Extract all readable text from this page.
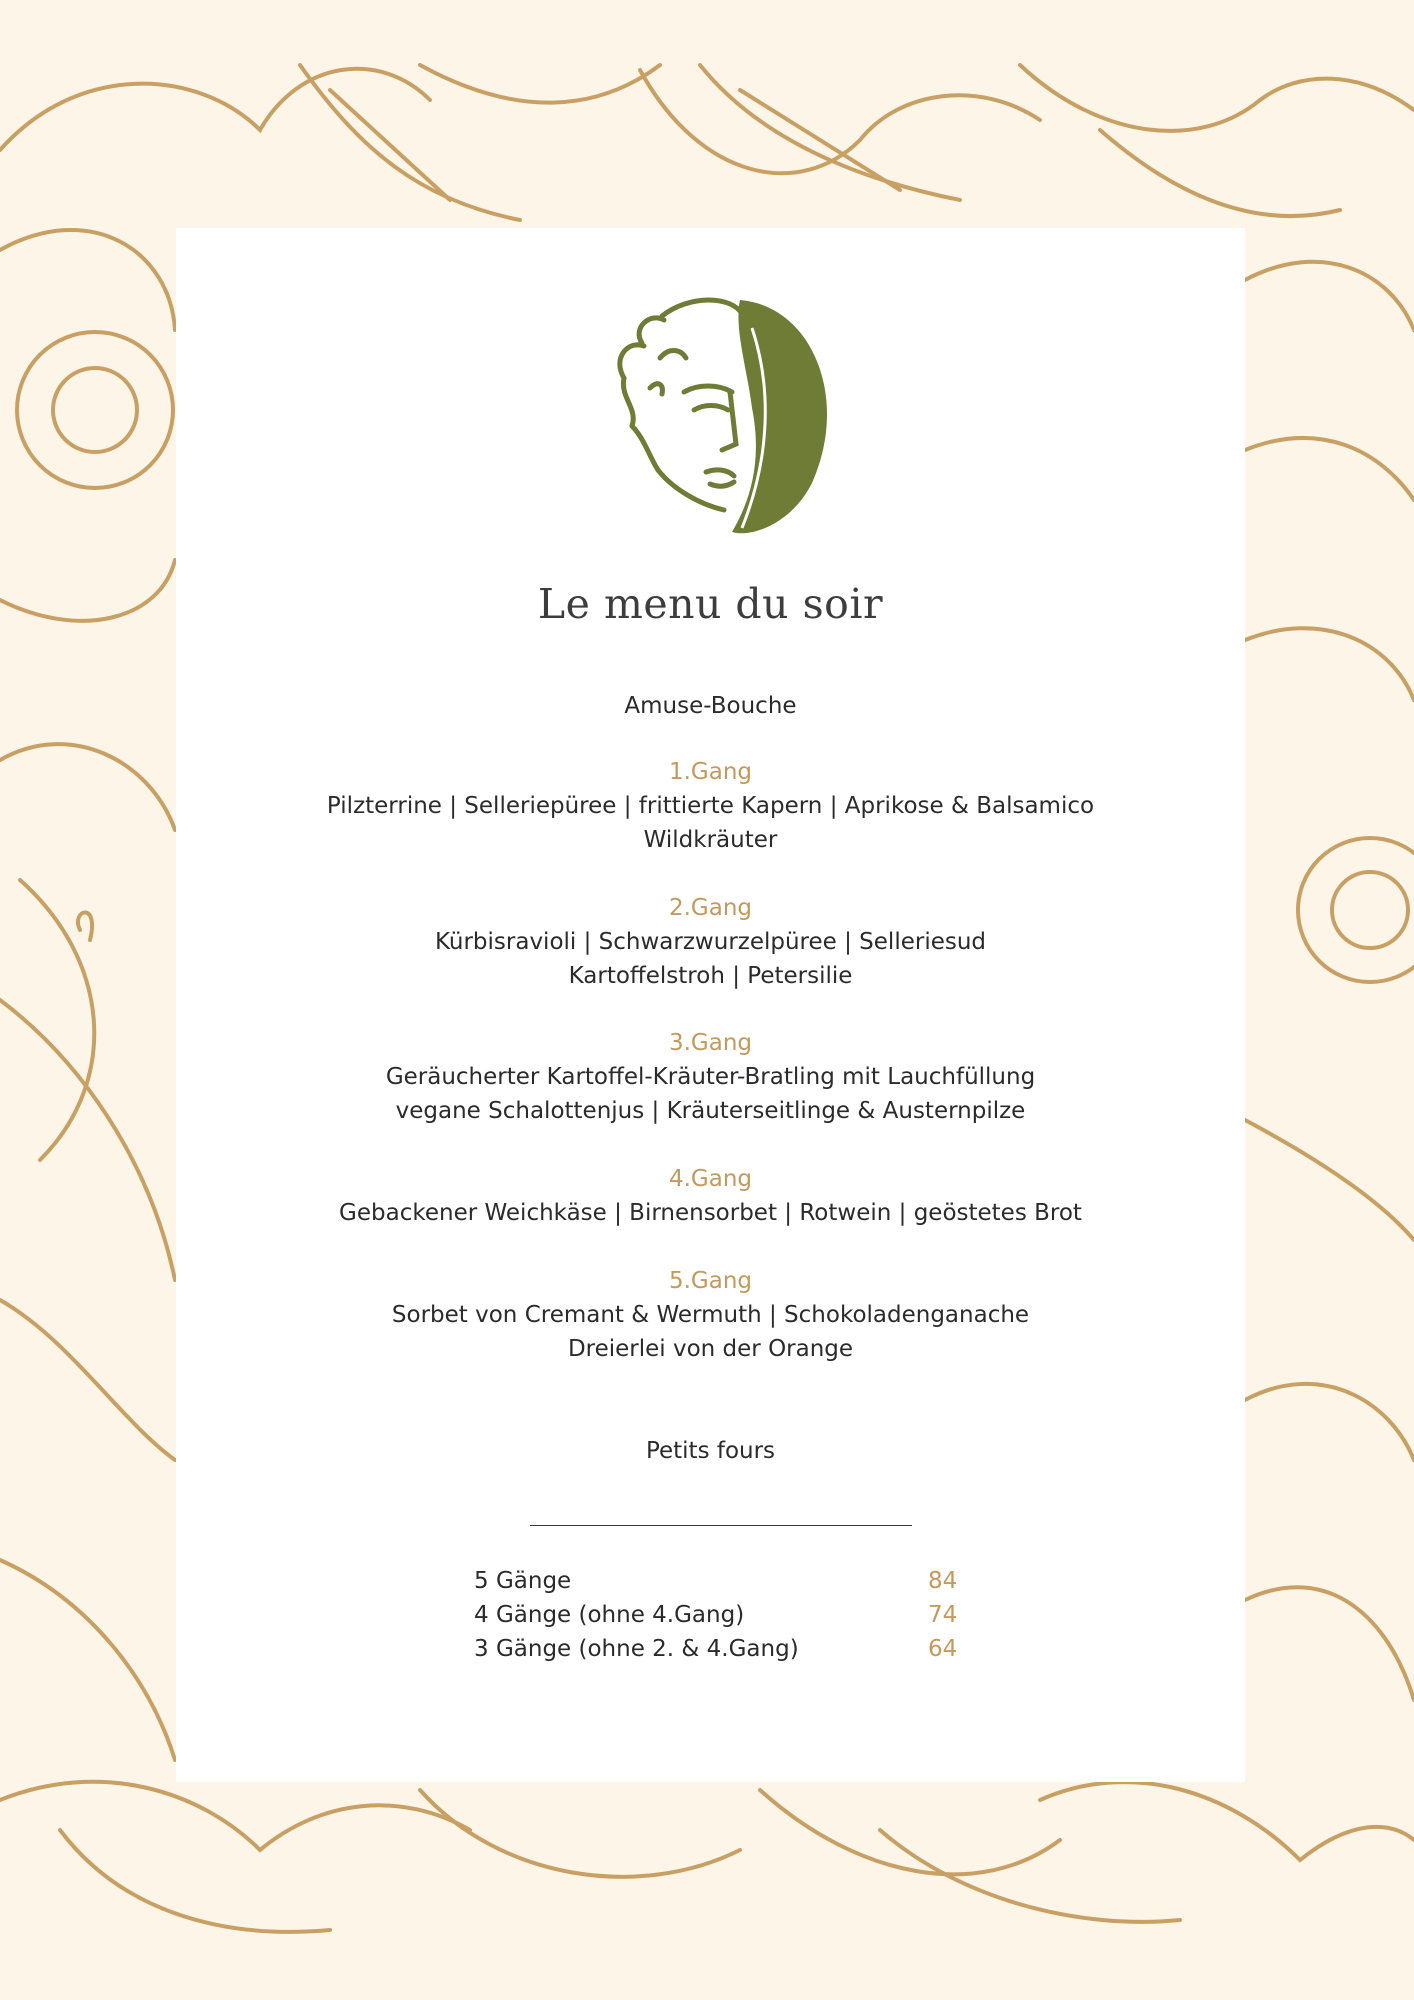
Le menu du soir
Amuse-Bouche
1.Gang
Pilzterrine | Selleriepüree | frittierte Kapern | Aprikose & Balsamico
Wildkräuter
2.Gang
Kürbisravioli | Schwarzwurzelpüree | Selleriesud
Kartoffelstroh | Petersilie
3.Gang
Geräucherter Kartoffel-Kräuter-Bratling mit Lauchfüllung
vegane Schalottenjus | Kräuterseitlinge & Austernpilze
4.Gang
Gebackener Weichkäse | Birnensorbet | Rotwein | geöstetes Brot
5.Gang
Sorbet von Cremant & Wermuth | Schokoladenganache
Dreierlei von der Orange
Petits fours
5 Gänge	84
4 Gänge (ohne 4.Gang)	74
3 Gänge (ohne 2. & 4.Gang)	64
